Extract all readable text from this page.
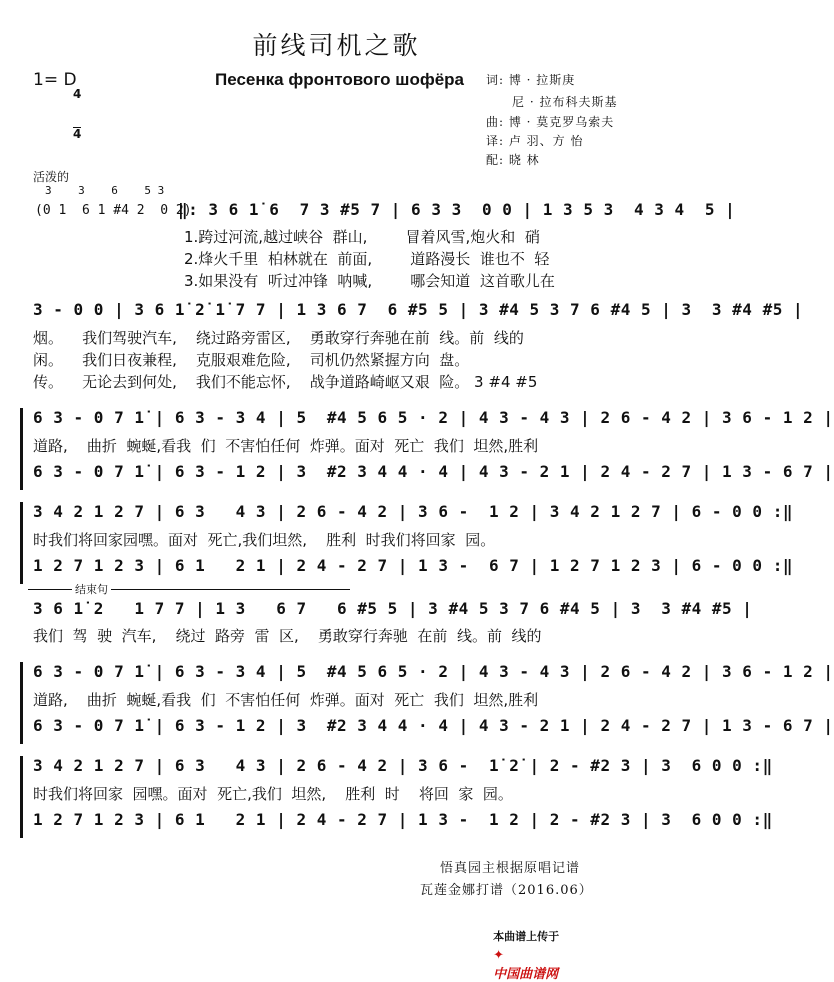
前线司机之歌
Песенка фронтового шофёра
1= D

4

4

词: 博 · 拉斯庚
尼 · 拉布科夫斯基
曲: 博 · 莫克罗乌索夫
译: 卢 羽、方 怡
配: 晓 林
活泼的
3    3    6    5 3
(0 1  6 1 #4 2  0 2)
‖: 3 6 1̇ 6  7 3 #5 7 | 6 3 3  0 0 | 1 3 5 3  4 3 4  5 |
1.跨过河流,越过峡谷  群山,        冒着风雪,炮火和  硝
2.烽火千里  柏林就在  前面,        道路漫长  谁也不  轻
3.如果没有  听过冲锋  呐喊,        哪会知道  这首歌儿在
3 - 0 0 | 3 6 1̇ 2̇ 1̇ 7 7 | 1 3 6 7  6 #5 5 | 3 #4 5 3 7 6 #4 5 | 3  3 #4 #5 |
烟。    我们驾驶汽车,    绕过路旁雷区,    勇敢穿行奔驰在前  线。前  线的
闲。    我们日夜兼程,    克服艰难危险,    司机仍然紧握方向  盘。
传。    无论去到何处,    我们不能忘怀,    战争道路崎岖又艰  险。 3 #4 #5
6 3 - 0 7 1̇ | 6 3 - 3 4 | 5  #4 5 6 5 · 2 | 4 3 - 4 3 | 2 6 - 4 2 | 3 6 - 1 2 |
道路,    曲折  蜿蜒,看我  们  不害怕任何  炸弹。面对  死亡  我们  坦然,胜利
6 3 - 0 7 1̇ | 6 3 - 1 2 | 3  #2 3 4 4 · 4 | 4 3 - 2 1 | 2 4 - 2 7 | 1 3 - 6 7 |
3 4 2 1 2 7 | 6 3   4 3 | 2 6 - 4 2 | 3 6 -  1 2 | 3 4 2 1 2 7 | 6 - 0 0 :‖
时我们将回家园嘿。面对  死亡,我们坦然,    胜利  时我们将回家  园。
1 2 7 1 2 3 | 6 1   2 1 | 2 4 - 2 7 | 1 3 -  6 7 | 1 2 7 1 2 3 | 6 - 0 0 :‖
结束句
3 6 1̇ 2   1 7 7 | 1 3   6 7   6 #5 5 | 3 #4 5 3 7 6 #4 5 | 3  3 #4 #5 |
我们  驾  驶  汽车,    绕过  路旁  雷  区,    勇敢穿行奔驰  在前  线。前  线的
6 3 - 0 7 1̇ | 6 3 - 3 4 | 5  #4 5 6 5 · 2 | 4 3 - 4 3 | 2 6 - 4 2 | 3 6 - 1 2 |
道路,    曲折  蜿蜒,看我  们  不害怕任何  炸弹。面对  死亡  我们  坦然,胜利
6 3 - 0 7 1̇ | 6 3 - 1 2 | 3  #2 3 4 4 · 4 | 4 3 - 2 1 | 2 4 - 2 7 | 1 3 - 6 7 |
3 4 2 1 2 7 | 6 3   4 3 | 2 6 - 4 2 | 3 6 -  1̇ 2̇ | 2 - #2 3 | 3  6 0 0 :‖
时我们将回家  园嘿。面对  死亡,我们  坦然,    胜利  时    将回  家  园。
1 2 7 1 2 3 | 6 1   2 1 | 2 4 - 2 7 | 1 3 -  1 2 | 2 - #2 3 | 3  6 0 0 :‖
悟真园主根据原唱记谱
瓦莲金娜打谱（2016.06）

本曲谱上传于
✦
中国曲谱网
